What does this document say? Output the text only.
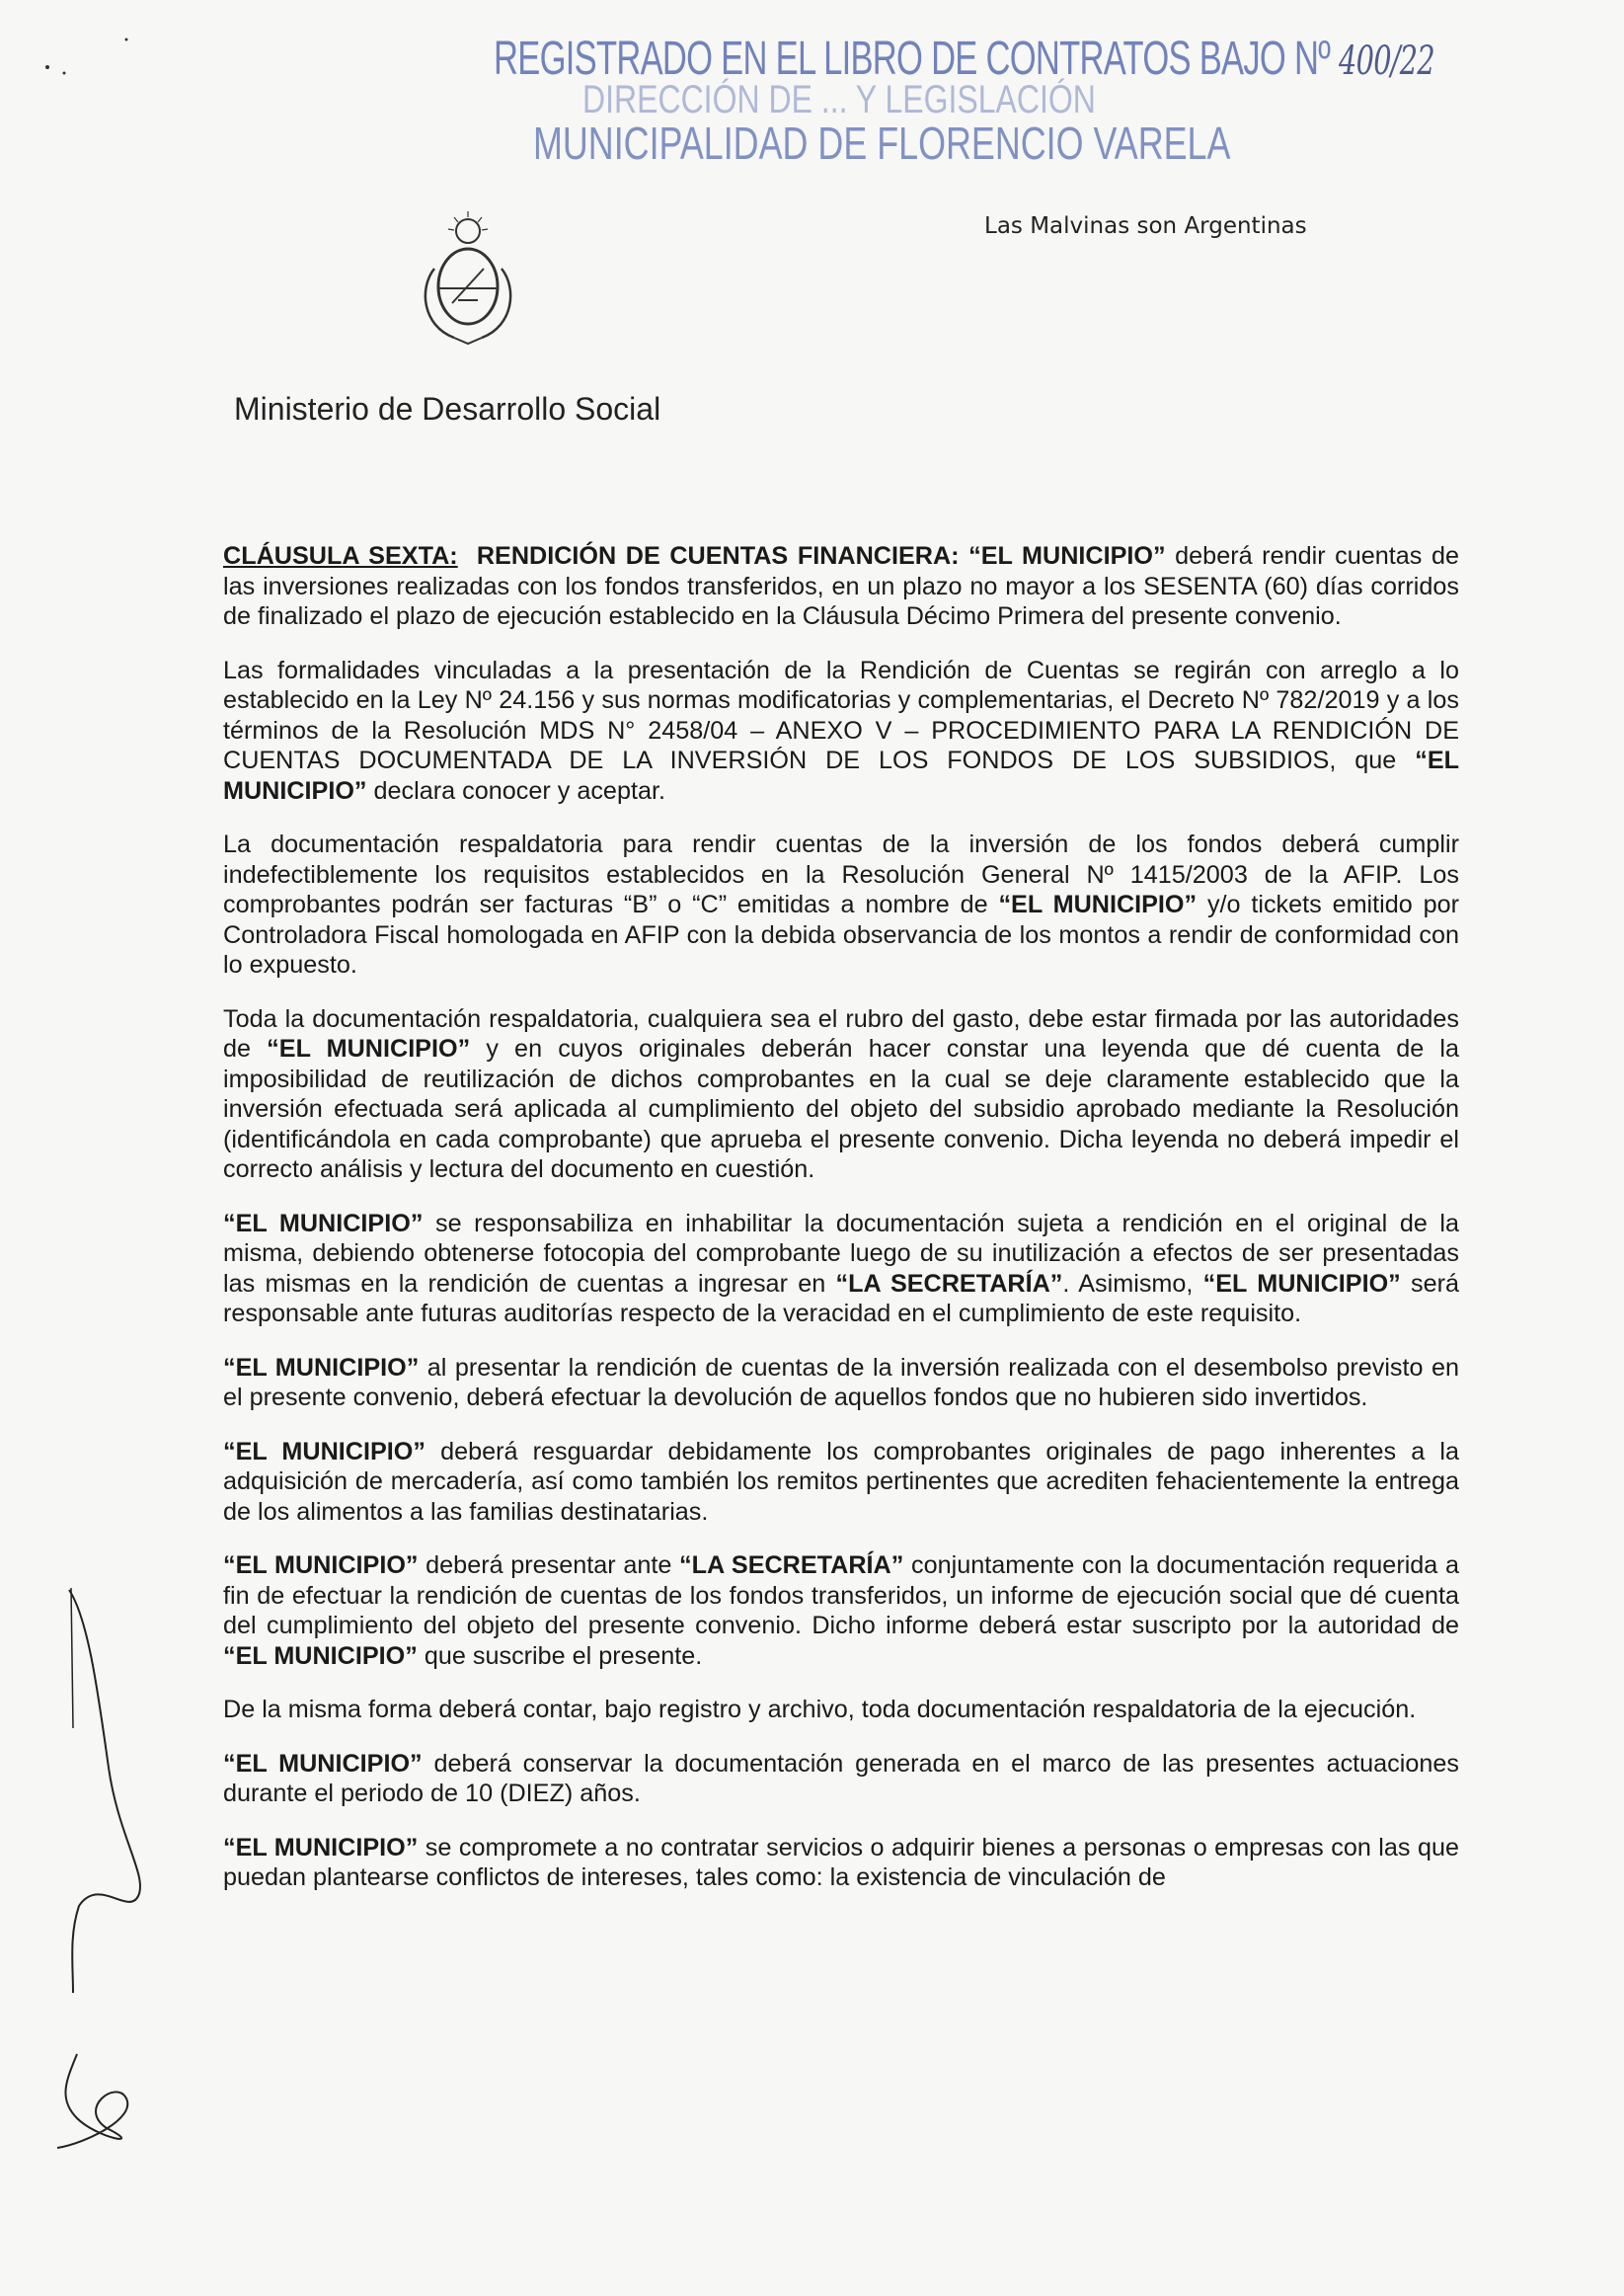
REGISTRADO EN EL LIBRO DE CONTRATOS BAJO Nº 400/22
DIRECCIÓN DE ... Y LEGISLACIÓN
MUNICIPALIDAD DE FLORENCIO VARELA
Las Malvinas son Argentinas
Ministerio de Desarrollo Social

CLÁUSULA SEXTA: RENDICIÓN DE CUENTAS FINANCIERA: “EL MUNICIPIO” deberá rendir cuentas de las inversiones realizadas con los fondos transferidos, en un plazo no mayor a los SESENTA (60) días corridos de finalizado el plazo de ejecución establecido en la Cláusula Décimo Primera del presente convenio.

Las formalidades vinculadas a la presentación de la Rendición de Cuentas se regirán con arreglo a lo establecido en la Ley Nº 24.156 y sus normas modificatorias y complementarias, el Decreto Nº 782/2019 y a los términos de la Resolución MDS N° 2458/04 – ANEXO V – PROCEDIMIENTO PARA LA RENDICIÓN DE CUENTAS DOCUMENTADA DE LA INVERSIÓN DE LOS FONDOS DE LOS SUBSIDIOS, que “EL MUNICIPIO” declara conocer y aceptar.

La documentación respaldatoria para rendir cuentas de la inversión de los fondos deberá cumplir indefectiblemente los requisitos establecidos en la Resolución General Nº 1415/2003 de la AFIP. Los comprobantes podrán ser facturas “B” o “C” emitidas a nombre de “EL MUNICIPIO” y/o tickets emitido por Controladora Fiscal homologada en AFIP con la debida observancia de los montos a rendir de conformidad con lo expuesto.

Toda la documentación respaldatoria, cualquiera sea el rubro del gasto, debe estar firmada por las autoridades de “EL MUNICIPIO” y en cuyos originales deberán hacer constar una leyenda que dé cuenta de la imposibilidad de reutilización de dichos comprobantes en la cual se deje claramente establecido que la inversión efectuada será aplicada al cumplimiento del objeto del subsidio aprobado mediante la Resolución (identificándola en cada comprobante) que aprueba el presente convenio. Dicha leyenda no deberá impedir el correcto análisis y lectura del documento en cuestión.

“EL MUNICIPIO” se responsabiliza en inhabilitar la documentación sujeta a rendición en el original de la misma, debiendo obtenerse fotocopia del comprobante luego de su inutilización a efectos de ser presentadas las mismas en la rendición de cuentas a ingresar en “LA SECRETARÍA”. Asimismo, “EL MUNICIPIO” será responsable ante futuras auditorías respecto de la veracidad en el cumplimiento de este requisito.

“EL MUNICIPIO” al presentar la rendición de cuentas de la inversión realizada con el desembolso previsto en el presente convenio, deberá efectuar la devolución de aquellos fondos que no hubieren sido invertidos.

“EL MUNICIPIO” deberá resguardar debidamente los comprobantes originales de pago inherentes a la adquisición de mercadería, así como también los remitos pertinentes que acrediten fehacientemente la entrega de los alimentos a las familias destinatarias.

“EL MUNICIPIO” deberá presentar ante “LA SECRETARÍA” conjuntamente con la documentación requerida a fin de efectuar la rendición de cuentas de los fondos transferidos, un informe de ejecución social que dé cuenta del cumplimiento del objeto del presente convenio. Dicho informe deberá estar suscripto por la autoridad de “EL MUNICIPIO” que suscribe el presente.

De la misma forma deberá contar, bajo registro y archivo, toda documentación respaldatoria de la ejecución.

“EL MUNICIPIO” deberá conservar la documentación generada en el marco de las presentes actuaciones durante el periodo de 10 (DIEZ) años.

“EL MUNICIPIO” se compromete a no contratar servicios o adquirir bienes a personas o empresas con las que puedan plantearse conflictos de intereses, tales como: la existencia de vinculación de
